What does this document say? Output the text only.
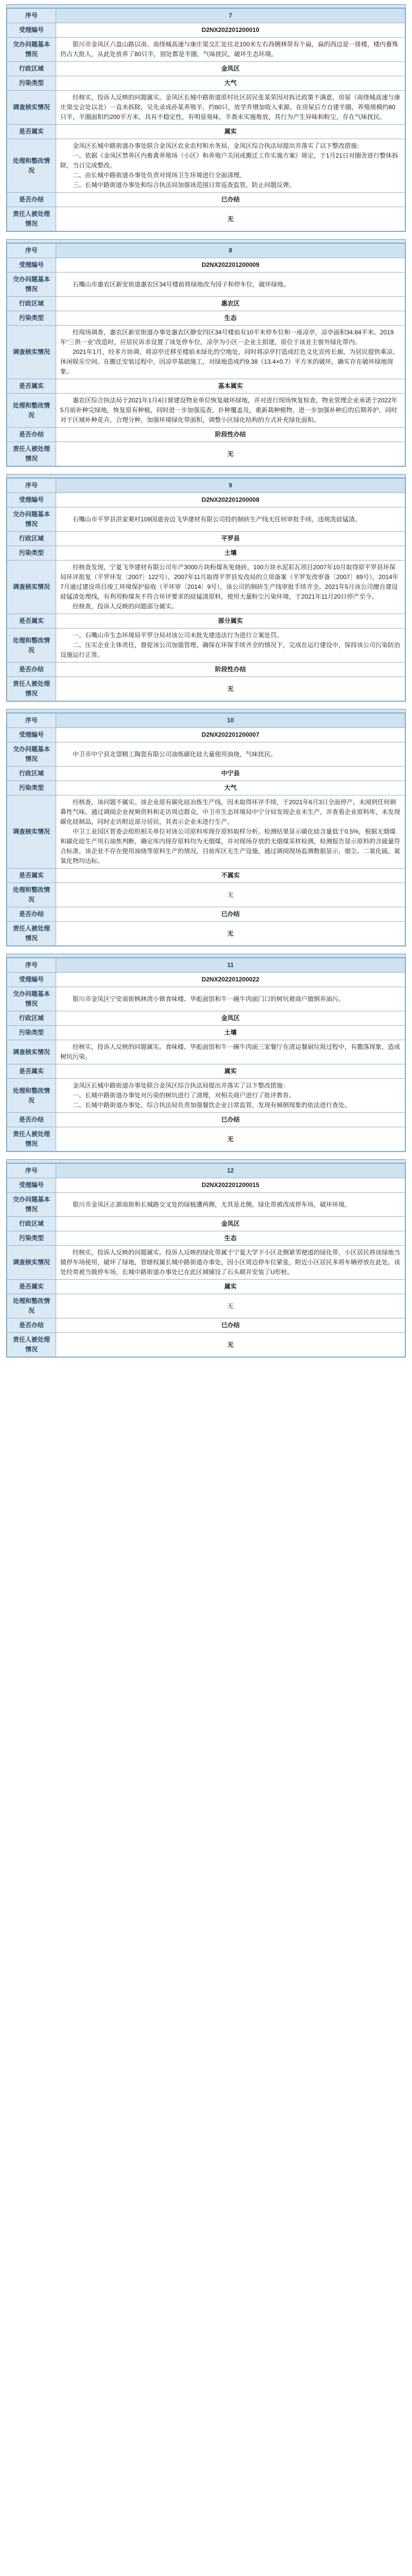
序号	7
受理编号	D2NX202201200010
交办问题基本情况	银川市金凤区六盘山路以南、南绕城高速与康庄渠交汇处往北100米左右西侧林带有个扁，扁的西边是一排楼，楼内養殊仍占大批人，从此处放养了80只羊，别处都是羊圈，气味扰民，破坏生态环境。

行政区域	金凤区
污染类型	大气
调查核实情况	经核实，投诉人反映的问题属实。金凤区长城中路街道原村社区居民张某荣因对拆迁政策不满意，房屋（南绕城高速与康庄渠交会处以北）一直未拆除，吴先录成孙某养殖羊，约80只，放学乔增加收入来源。在房屋后方自建羊圈，养殖规模约80只羊，羊圈面积约200平方米，具有不稳定性，有明显臭味，羊粪未实施堆放，其行为产生异味和粉尘，存在气味扰民。

是否属实	属实
处理和整改情况	金凤区长城中路街道办事处联合金凤区农业农村和水务局、金凤区综合执法局提出并落实了以下整改措施：
一、依据《金凤区禁养区内畜禽养殖场（小区）和养殖户关闭或搬迁工作实施方案》规定，于1月21日对圈舍进行整体拆除，当日完成整改。
二、由长城中路街道办事处负责对现场卫生环境进行全面清理。
三、长城中路街道办事处和综合执法局加强该范围日常巡查监管，防止问题反弹。

是否办结	已办结
责任人被处理情况	无
序号	8
受理编号	D2NX202201200009
交办问题基本情况	石嘴山市惠农区新安街道惠农区34号楼前将绿地改为园子和停车位，破坏绿地。

行政区域	惠农区
污染类型	生态
调查核实情况	经现场调查，惠农区新安街道办事处惠农区静安四区34号楼前有10平米停车位和一座凉亭，凉亭面积34.84平米。2019年“三供一业”改造时，应居民诉求设置了该处停车位，凉亭为小区一企业主捐建，原位于该业主窗外绿化带内。
2021年1月，经多方协调，将凉亭迁移至楼前未绿化的空地处，同时将凉亭打造成红色文化宣传长廊，为居民提供乘凉、休闲娱乐空间。在搬迁安装过程中，因凉亭基础施工，对绿地造成约9.38（13.4×0.7）平方米的破坏，确实存在破坏绿地现象。

是否属实	基本属实
处理和整改情况	惠农区综合执法局于2021年1月4日督建设物业单位恢复破坏绿地，并对进行现场恢复检查，物业管理企业承诺于2022年5月前补种完绿地，恢复原有种植，同时进一步加强巡查，扑种覆盖及，重新栽种植物，进一步加强补种后的后期养护，同时对于区域补种花卉，合理分种，加强环境绿化带面积，调整小区绿化结构的方式补充绿化面积。

是否办结	阶段性办结
责任人被处理情况	无
序号	9
受理编号	D2NX202201200008
交办问题基本情况	石嘴山市平罗县洪家栗村109国道旁边飞华建材有限公司投的制砖生产线无任何审批手续，违规洗硅锰渣。

行政区域	平罗县
污染类型	土壤
调查核实情况	经核查发现，宁夏飞华建材有限公司年产3000万块粉煤灰免烧砖，100万块水泥彩瓦项目2007年10月取得原平罗县环保局环评批复（平罗环发〔2007〕122号），2007年11月取得平罗县发改局的立项备案（平罗发改审备〔2007〕89号），2014年7月通过建设项目竣工环境保护验收（平环审〔2014〕9号），该公司的制砖生产线审批手续齐全。2021年5月该公司擅自建设硅锰渣处理线，有利用粉煤灰不符合环评要求的硅锰渣原料，使用大量粉尘污染环境，于2021年11月20日停产至今。
经核查，投诉人反映的问题部分属实。

是否属实	部分属实
处理和整改情况	一、石嘴山市生态环境局平罗分局对该公司未批先建违法行为进行立案处罚。
二、压实企业主体责任，督促该公司加强管理，确保在环保手续齐全的情况下，完成在运行建设中，保持该公司污染防治设施运行正常。

是否办结	阶段性办结
责任人被处理情况	无
序号	10
受理编号	D2NX202201200007
交办问题基本情况	中卫市中宁县北望精工陶瓷有限公司油炼碳化硅大量使用油烧，气味扰民。

行政区域	中宁县
污染类型	大气
调查核实情况	经核查，该问题不属实。该企业原有碳化硅冶炼生产线，因未取得环评手续，于2021年6月3日全面停产，未闻到任何刺鼻性气味。通过调阅企业视频资料和走访周边群众，中卫市生态环境局中宁分局发现企业未生产，并查看企业原料库，未发现碳化硅制品，同时走访附近部分居民，其表示企业未进行生产。
中卫工业园区管委会组织相关单位对该公司原料库现存原料取样分析，检测结果显示碳化硅含量低于0.5%，根据无烟煤和碳化硅生产用石油焦判断，确定库内现存原料均为无烟煤，并对现场存放的无烟煤采样检测，检测报告显示原料的含硫量符合标准，该企业不存在使用油烧等原料生产的情况，目前库区无生产设施，通过调阅现场监测数据显示，烟尘、二氧化硫、氮氧化物均达标。

是否属实	不属实
处理和整改情况	无
是否办结	已办结
责任人被处理情况	无
序号	11
受理编号	D2NX202201200022
交办问题基本情况	银川市金凤区宁安南街枫林湾小镇食味楼、华彪面馆和牛一碗牛肉面门口的树坑被商户做倒弃油污。

行政区域	金凤区
污染类型	土壤
调查核实情况	经核实，投诉人反映的问题属实。食味楼、华彪面馆和牛一碗牛肉面三家餐厅在清运餐厨垃圾过程中，有撒落现象，造成树坑污染。

是否属实	属实
处理和整改情况	金凤区长城中路街道办事处联合金凤区综合执法局提出并落实了以下整改措施：
一、长城中路街道办事处对污染的树坑进行了清理，对相关商户进行了批评教育。
二、长城中路街道办事处、综合执法局负责加强餐饮企业日常监管，发现有倾倒现象的依法进行查处。

是否办结	已办结
责任人被处理情况	无
序号	12
受理编号	D2NX202201200015
交办问题基本情况	银川市金凤区正源南街和长城路交叉处的绿植遭两侧，尤其是北侧，绿化带被改成停车场，破坏环境。

行政区域	金凤区
污染类型	生态
调查核实情况	经核实，投诉人反映的问题属实。投诉人反映的绿化带属于宁夏大学下小区北侧紧邻便道的绿化带，小区居民将该绿地当做停车场使用，破坏了绿地，管辖权属长城中路街道办事处，因小区周边停车位紧张，附近小区居民多将车辆停放在此处，该处经常被当做停车场，长城中路街道办事处已在此区域铺设了石头砌并安装了U形桩。

是否属实	属实
处理和整改情况	无
是否办结	已办结
责任人被处理情况	无
